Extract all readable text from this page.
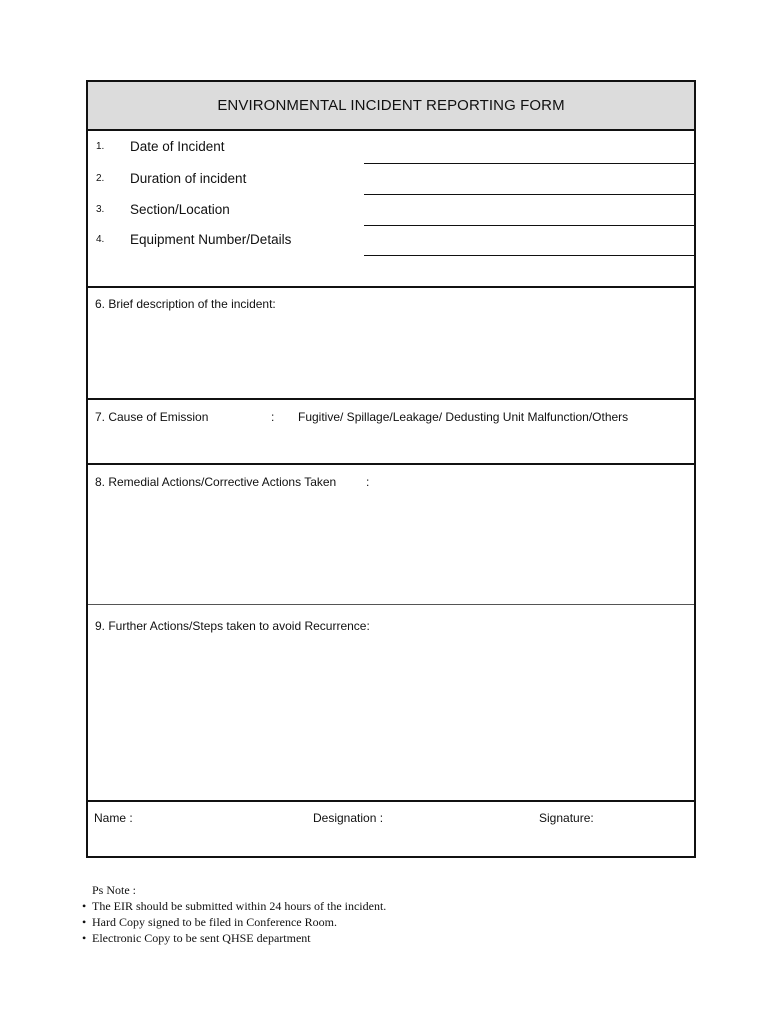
ENVIRONMENTAL INCIDENT REPORTING FORM
1. Date of Incident
2. Duration of incident
3. Section/Location
4. Equipment Number/Details
6. Brief description of the incident:
7. Cause of Emission	: Fugitive/ Spillage/Leakage/ Dedusting Unit Malfunction/Others
8. Remedial Actions/Corrective Actions Taken :
9. Further Actions/Steps taken to avoid Recurrence:
Name :	Designation :	Signature:
Ps Note :
• The EIR should be submitted within 24 hours of the incident.
• Hard Copy signed to be filed in Conference Room.
• Electronic Copy to be sent QHSE department
